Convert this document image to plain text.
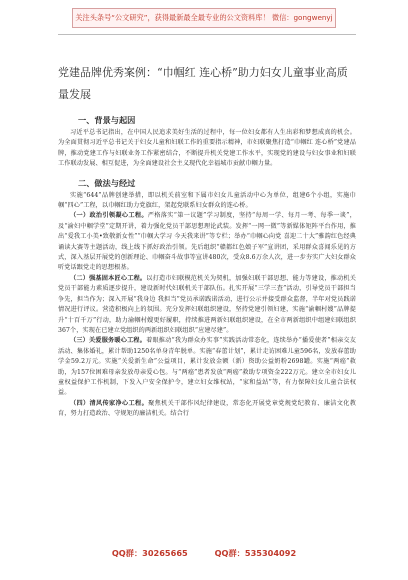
关注头条号“公文研究”，获得最新最全最专业的公文资料库！ 微信：gongwenyj
党建品牌优秀案例：“巾帼红 连心桥”助力妇女儿童事业高质量发展
一、背景与起因

习近平总书记指出，在中国人民追求美好生活的过程中，每一位妇女都有人生出彩和梦想成真的机会。为全面贯彻习近平总书记关于妇女儿童和妇联工作的重要指示精神，市妇联聚焦打造“巾帼红 连心桥”党建品牌，推动党建工作与妇联业务工作紧密结合，不断提升机关党建工作水平，实现党的建设与妇女事业和妇联工作联动发展、相互促进，为全面建设社会主义现代化幸福城市贡献巾帼力量。

二、做法与经过

实施“644”品牌创建举措，即以机关前室和下属市妇女儿童活动中心为单位，组建6个小组，实施巾帼“四心”工程，以巾帼红助力党旗红，架起党联系妇女群众的连心桥。

（一）政治引领凝心工程。严格落实“第一议题”学习制度，坚持“每周一学、每月一考、每季一谈”，及“渝妇中帼学堂”定期开讲，着力强化党员干部思想理论武装。发挥“一网一微”等新媒体矩阵平台作用，推出“爱我工小美•致敬新女性”“巾帼大学习 今天我来讲”等专栏；举办“巾帼心向党 喜迎二十大”雅韵红色经典诵读大赛等主题活动，线上线下抓好政治引领。先后组织“赣都红色娘子军”宣讲团，采用群众喜闻乐见的方式，深入基层开展党的创新理论、巾帼奋斗故事等宣讲480次，受众8.6万余人次，进一步夯实广大妇女群众听党话跟党走的思想根基。

（二）强基固本匠心工程。以打造市妇联模范机关为契机，加强妇联干部思想、能力等建设，推动机关党员干部能力素质逐步提升，建设新时代妇联机关干部队伍。扎实开展“三学三查”活动，引导党员干部担当争先，担当作为；深入开展“我身边 我担当”党员承诺践诺活动，进行公示并接受群众监督，半年对党员践诺情况进行评议。营造积极向上的氛围。充分发挥妇联组织建设，坚持党建引领妇建，实施“渝帼村嫂”品牌提升“十百千万”行动，助力渝帼村嫂更好履职，持续推进两新妇联组织建设，在全市两新组织中组建妇联组织367个，实现在已建立党组织的两新组织妇联组织“应建尽建”。

（三）关爱服务暖心工程。着眼推动“我为群众办实事”实践活动常态化，连续举办“播爱使者”相亲交友活动、集体婚礼，累计帮助1250名单身青年脱单。实施“春蕾计划”，累计走访困难儿童596名，发放春蕾助学金59.2万元。实施“关爱新生命”公益项目，累计发放金额（新）资助公益奶粉2698罐。实施“两癌”救助，为157位困难母亲发放母亲爱心包。与“两癌”患者发放“两癌”救助专项资金222万元。建立全市妇女儿童权益保护工作机制，下发入户安全保护令，建立妇女维权站，“家和益站”等，有力保障妇女儿童合法权益。

（四）清风传家净心工程。聚焦机关干部作风纪律建设，常态化开展党章党规党纪教育、廉洁文化教育，努力打造政治、守规矩的廉洁机关。结合行

QQ群：30265665	QQ群：535304092
